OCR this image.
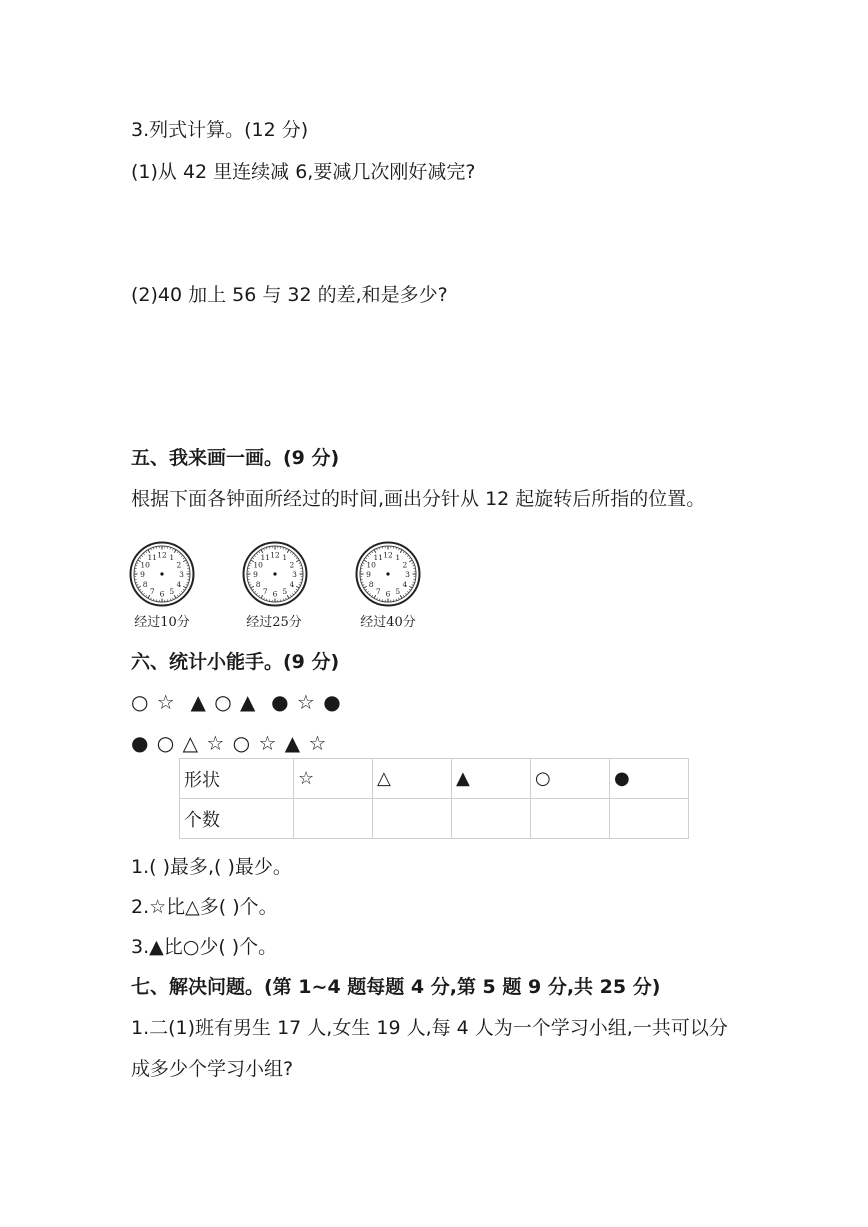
3.列式计算。(12 分)
(1)从 42 里连续减 6,要减几次刚好减完?
(2)40 加上 56 与 32 的差,和是多少?
五、我来画一画。(9 分)
根据下面各钟面所经过的时间,画出分针从 12 起旋转后所指的位置。
1
2
3
4
5
6
7
8
9
10
11 12	1
2
3
4
5
6
7
8
9
10
11 12	1
2
3
4
5
6
7
8
9
10
11 12
经过10分	经过25分	经过40分
六、统计小能手。(9 分)
○ ☆  ▲ ○ ▲  ● ☆ ●
● ○ △ ☆ ○ ☆ ▲ ☆
形状	☆	△	▲	○	●
个数					
1.( )最多,( )最少。
2.☆比△多( )个。
3.▲比○少( )个。
七、解决问题。(第 1~4 题每题 4 分,第 5 题 9 分,共 25 分)
1.二(1)班有男生 17 人,女生 19 人,每 4 人为一个学习小组,一共可以分
成多少个学习小组?
